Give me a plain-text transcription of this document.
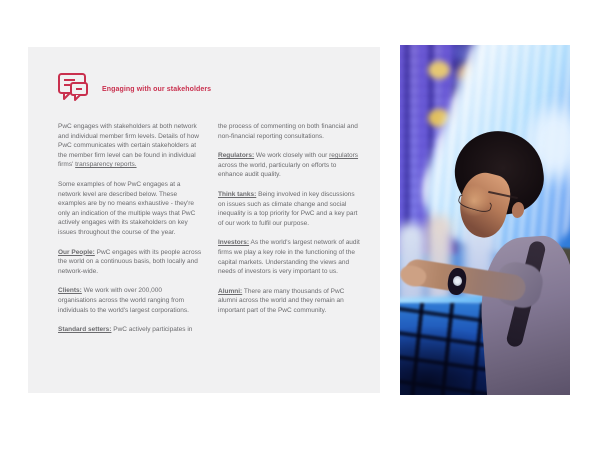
Engaging with our stakeholders

PwC engages with stakeholders at both network and individual member firm levels. Details of how PwC communicates with certain stakeholders at the member firm level can be found in individual firms' transparency reports.

Some examples of how PwC engages at a network level are described below. These examples are by no means exhaustive - they're only an indication of the multiple ways that PwC actively engages with its stakeholders on key issues throughout the course of the year.

Our People: PwC engages with its people across the world on a continuous basis, both locally and network-wide.

Clients: We work with over 200,000 organisations across the world ranging from individuals to the world's largest corporations.

Standard setters: PwC actively participates in

the process of commenting on both financial and non-financial reporting consultations.

Regulators: We work closely with our regulators across the world, particularly on efforts to enhance audit quality.

Think tanks: Being involved in key discussions on issues such as climate change and social inequality is a top priority for PwC and a key part of our work to fulfil our purpose.

Investors: As the world's largest network of audit firms we play a key role in the functioning of the capital markets. Understanding the views and needs of investors is very important to us.

Alumni: There are many thousands of PwC alumni across the world and they remain an important part of the PwC community.
